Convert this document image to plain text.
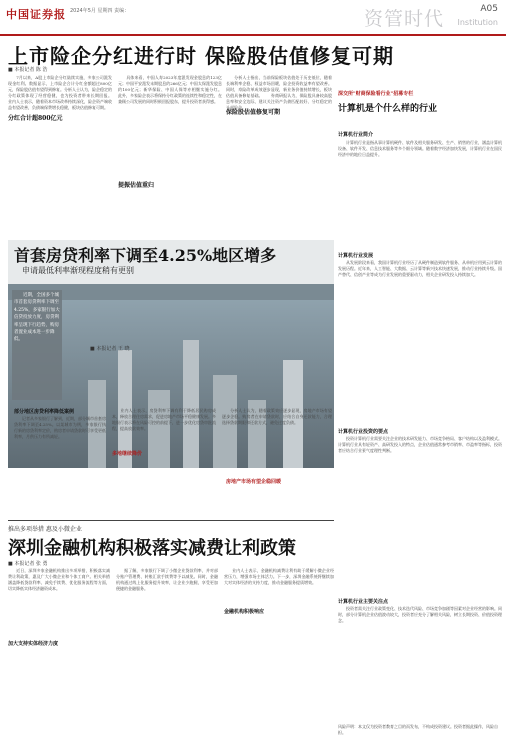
中国证券报 2024年5月 星期四 责编：	资管时代 Institution
A05
上市险企分红进行时 保险股估值修复可期
■ 本报记者 陈 浩
分红合计超800亿元
提振估值重归
保险股估值修复可期
　　7月以来，A股上市险企分红陆续实施，多家公司派发现金红利。数据显示，上市险企合计分红金额超过800亿元，保险股估值有望得到修复。分析人士认为，险企稳定的分红政策体现了经营稳健，也为投资者带来长期回报。　　业内人士表示，随着资本市场改革持续深化，险企资产端收益有望改善，负债端保费增长稳健，板块估值修复可期。
　　具体来看，中国人寿2023年度派发现金股息约123亿元；中国平安派发末期股息约266亿元；中国太保派发股息约100亿元；新华保险、中国人保等亦相继实施分红。　　此外，多家险企表示将保持分红政策的连续性和稳定性，在兼顾公司发展的同时积极回报股东，提升投资者获得感。
　　分析人士指出，当前保险板块估值处于历史低位，随着长端利率企稳、权益市场回暖，险企投资收益率有望改善。同时，寿险改革成效逐步显现，新业务价值持续增长，板块估值具备修复基础。　　券商研报认为，保险股具备较高股息率和安全边际，建议关注资产负债匹配较好、分红稳定的头部险企。
深交所"财商保险看行业"招募专栏
计算机是个什么样的行业
计算机行业简介
　　计算机行业是指从事计算机硬件、软件及相关服务研发、生产、销售的行业，涵盖计算机设备、软件开发、信息技术服务等多个细分领域。随着数字经济加快发展，计算机行业在国民经济中的地位日益提升。
计算机行业发展
　　从发展阶段来看，我国计算机行业经历了从硬件制造到软件服务、从单机应用到云计算的发展历程。近年来，人工智能、大数据、云计算等新兴技术快速发展，推动行业持续升级。国产替代、信创产业等成为行业发展的重要驱动力，相关企业研发投入持续加大。
计算机行业投资的要点
　　投资计算机行业需要关注企业的技术研发能力、市场竞争格局、客户结构以及盈利模式。计算机行业具有轻资产、高研发投入的特点，企业估值通常参考市销率、市盈率等指标，投资者应结合行业景气度理性判断。
计算机行业主要关注点
　　投资者需关注行业政策变化、技术迭代风险、市场竞争加剧等因素对企业经营的影响。同时，部分计算机企业估值波动较大，投资者应充分了解相关风险，树立长期投资、价值投资理念。
风险声明：本文仅为投资者教育之目的而发布，不构成投资建议。投资者据此操作，风险自担。
首套房贷利率下调至4.25%地区增多
申请最低利率渐现程度稍有更别
■ 本报记者 王 晓
　　近期，全国多个城市首套房贷利率下调至4.25%，多家银行加大信贷投放力度，房贷利率呈现下行趋势，购房者置业成本进一步降低。
部分地区房贷利率降低案例
　　记者从多家银行了解到，近期，部分城市首套房贷利率下调至4.25%。以某城市为例，多家银行执行新的房贷利率定价，购房者申请贷款时可享受更低利率，月供压力有所减轻。
　　业内人士表示，房贷利率下调有利于降低居民购房成本，释放合理住房需求，促进房地产市场平稳健康发展。多地银行表示将在风险可控的前提下，进一步优化房贷审批流程，提高放款效率。
多地继续降价
　　分析人士认为，随着政策效应逐步显现，房地产市场有望逐步企稳。购房者在申请贷款时，应结合自身还款能力，合理选择贷款期限和还款方式，避免过度负债。
房地产市场有望企稳回暖
推出多项举措 惠及小微企业
深圳金融机构积极落实减费让利政策
■ 本报记者 张 勇
加大支持实体经济力度
金融机构积极响应
　　近日，深圳多家金融机构推出多项举措，积极落实减费让利政策，惠及广大小微企业和个体工商户。相关举措涵盖降低贷款利率、减免手续费、优化服务流程等方面，切实降低实体经济融资成本。
　　据了解，多家银行下调了小微企业贷款利率，并对部分账户管理费、转账汇款手续费等予以减免。同时，金融机构通过线上化服务提升效率，让企业少跑腿，享受更加便捷的金融服务。
　　业内人士表示，金融机构减费让利有助于缓解小微企业经营压力，增强市场主体活力。下一步，深圳金融系统将继续加大对实体经济的支持力度，推动金融服务提质增效。
